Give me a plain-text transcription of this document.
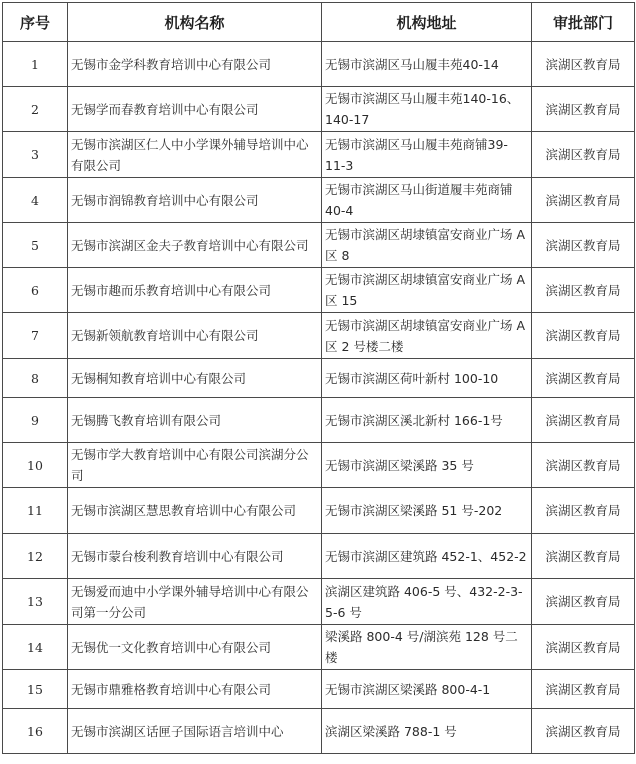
序号	机构名称	机构地址	审批部门
1	无锡市金学科教育培训中心有限公司	无锡市滨湖区马山履丰苑40-14	滨湖区教育局
2	无锡学而春教育培训中心有限公司	无锡市滨湖区马山履丰苑140-16、140-17	滨湖区教育局
3	无锡市滨湖区仁人中小学课外辅导培训中心有限公司	无锡市滨湖区马山履丰苑商铺39-11-3	滨湖区教育局
4	无锡市润锦教育培训中心有限公司	无锡市滨湖区马山街道履丰苑商铺 40-4	滨湖区教育局
5	无锡市滨湖区金夫子教育培训中心有限公司	无锡市滨湖区胡埭镇富安商业广场 A 区 8	滨湖区教育局
6	无锡市趣而乐教育培训中心有限公司	无锡市滨湖区胡埭镇富安商业广场 A 区 15	滨湖区教育局
7	无锡新领航教育培训中心有限公司	无锡市滨湖区胡埭镇富安商业广场 A 区 2 号楼二楼	滨湖区教育局
8	无锡桐知教育培训中心有限公司	无锡市滨湖区荷叶新村 100-10	滨湖区教育局
9	无锡腾飞教育培训有限公司	无锡市滨湖区溪北新村 166-1号	滨湖区教育局
10	无锡市学大教育培训中心有限公司滨湖分公司	无锡市滨湖区梁溪路 35 号	滨湖区教育局
11	无锡市滨湖区慧思教育培训中心有限公司	无锡市滨湖区梁溪路 51 号-202	滨湖区教育局
12	无锡市蒙台梭利教育培训中心有限公司	无锡市滨湖区建筑路 452-1、452-2	滨湖区教育局
13	无锡爱而迪中小学课外辅导培训中心有限公司第一分公司	滨湖区建筑路 406-5 号、432-2-3-5-6 号	滨湖区教育局
14	无锡优一文化教育培训中心有限公司	梁溪路 800-4 号/湖滨苑 128 号二楼	滨湖区教育局
15	无锡市鼎雅格教育培训中心有限公司	无锡市滨湖区梁溪路 800-4-1	滨湖区教育局
16	无锡市滨湖区话匣子国际语言培训中心	滨湖区梁溪路 788-1 号	滨湖区教育局
